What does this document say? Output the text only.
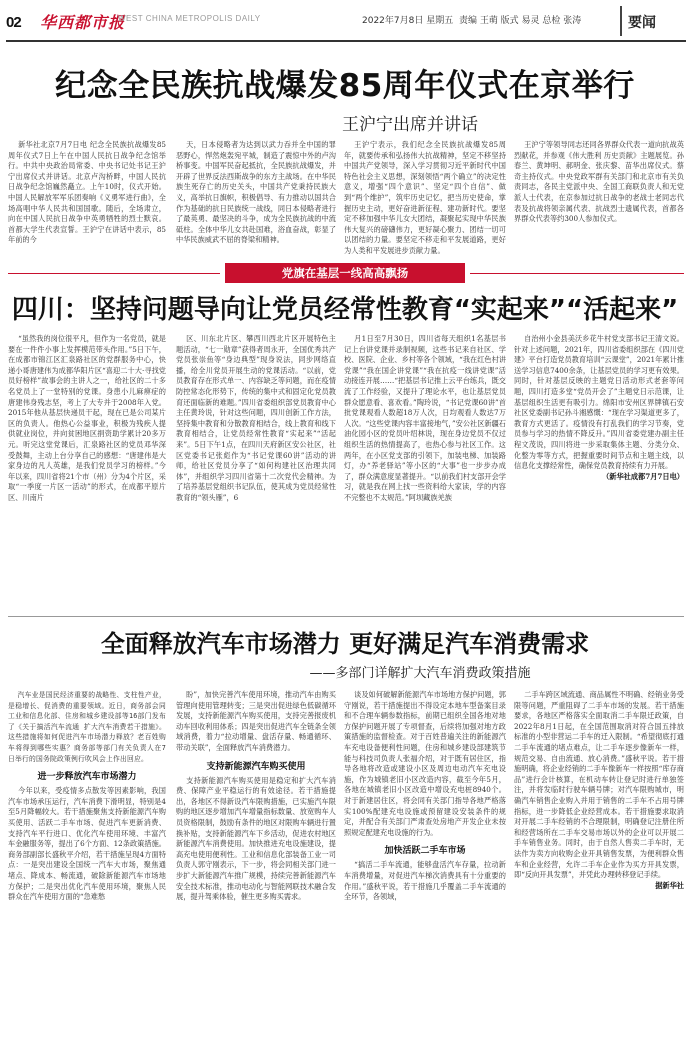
02 华西都市报
WEST CHINA METROPOLIS DAILY	2022年7月8日 星期五 责编 王萌 版式 易灵 总检 张涛	要闻
纪念全民族抗战爆发85周年仪式在京举行
王沪宁出席并讲话

新华社北京7月7日电 纪念全民族抗战爆发85周年仪式7日上午在中国人民抗日战争纪念馆举行。中共中央政治局常委、中央书记处书记王沪宁出席仪式并讲话。北京卢沟桥畔，中国人民抗日战争纪念馆巍然矗立。上午10时，仪式开始。中国人民解放军军乐团奏响《义勇军进行曲》，全场高唱中华人民共和国国歌。随后，全场肃立，向在中国人民抗日战争中英勇牺牲的烈士默哀。首都大学生代表宣誓。王沪宁在讲话中表示，85年前的今

天，日本侵略者为达到以武力吞并全中国的罪恶野心，悍然炮轰宛平城，制造了震惊中外的卢沟桥事变。中国军民奋起抵抗，全民族抗战爆发，并开辟了世界反法西斯战争的东方主战场。在中华民族生死存亡的历史关头，中国共产党秉持民族大义，高举抗日旗帜，积极倡导、有力推动以国共合作为基础的抗日民族统一战线，同日本侵略者进行了最英勇、最坚决的斗争，成为全民族抗战的中流砥柱。全体中华儿女共赴国难，浴血奋战，彰显了中华民族威武不屈的脊梁和精神。

王沪宁表示，我们纪念全民族抗战爆发85周年，就要传承和弘扬伟大抗战精神，坚定不移坚持中国共产党领导，深入学习贯彻习近平新时代中国特色社会主义思想，深刻领悟“两个确立”的决定性意义，增强“四个意识”、坚定“四个自信”、做到“两个维护”，筑牢历史记忆，把当历史使命，掌握历史主动，更好奋进新征程、建功新时代。要坚定不移加强中华儿女大团结，凝聚起实现中华民族伟大复兴的磅礴伟力，更好凝心聚力、团结一切可以团结的力量。要坚定不移走和平发展道路，更好为人类和平发展进步贡献力量。

王沪宁等领导同志还同各界群众代表一道向抗战英烈献花，并参观《伟大胜利 历史贡献》主题展览。孙春兰、黄坤明、郝明金、张庆黎、苗华出席仪式。蔡奇主持仪式。中央党政军群有关部门和北京市有关负责同志，各民主党派中央、全国工商联负责人和无党派人士代表，在京参加过抗日战争的老战士老同志代表及抗战将领亲属代表、抗战烈士遗属代表，首都各界群众代表等约300人参加仪式。

党旗在基层一线高高飘扬
四川：坚持问题导向让党员经常性教育“实起来”“活起来”

“虽然我的岗位很平凡，但作为一名党员，就是要在一件件小事上发挥模范带头作用。”5日下午，在成都市锦江区汇泉路社区的党群服务中心，快递小哥唐建伟为成都华阳片区“喜迎二十大·寻找党员好榜样”故事会的主讲人之一，给社区的二十多名党员上了一堂特别的党课。身患小儿麻痹症的唐建伟身残志坚，考上了大专并于2008年入党。2015年他从基层快递员干起，现在已是公司某片区的负责人。他热心公益事业，积极为残疾人提供就业岗位，并向贫困地区捐资助学累计20多万元。听完这堂党课后，汇泉路社区的党员邓华深受鼓舞，主动上台分享自己的感想：“唐建伟是大家身边的凡人英雄，是我们党员学习的榜样。”今年以来，四川省将21个市（州）分为4个片区，采取“一季度一片区一活动”的形式，在成都平原片区、川南片

区、川东北片区、攀西川西北片区开展特色主题活动，“七一勋章”获得者周永开，全国优秀共产党员张崇鱼等“身边典型”现身说法，同步网络直播，给全川党员开展生动的党课活动。“以前，党员教育存在形式单一、内容缺乏等问题，而在疫情防控常态化形势下，传统的集中式和固定化党员教育还面临新的难题。”四川省委组织部党员教育中心主任黄玲说，针对这些问题，四川创新工作方法，坚持集中教育和分散教育相结合，线上教育和线下教育相结合，让党员经常性教育“实起来”“活起来”。5日下午1点，在四川天府新区安公社区，社区党委书记张彪作为“书记党课60讲”活动的讲师，给社区党员分享了“如何构建社区治理共同体”，并组织学习四川省第十二次党代会精神。为了培养基层党组织书记队伍，使其成为党员经常性教育的“领头雁”，6

月1日至7月30日，四川省每天组织1名基层书记上台讲党课并录制视频，这些书记来自社区、学校、医院、企业、乡村等各个领域，“我在红色村讲党课”“我在国企讲党课”“我在抗疫一线讲党课”活动接连开展……“把基层书记推上云平台练兵，既交流了工作经验，又提升了理论水平，也让基层党员群众愿意看、喜欢看。”陶玲说，“书记党课60讲”首批党课观看人数超18万人次，日均观看人数达7万人次。“这些党课内容丰富接地气，”安公社区新疆石油化园小区的党员叶绍林说，现在身边党员不仅过组织生活的热情提高了，也热心参与社区工作。这两年，在小区党支部的引领下，加装电梯、加装路灯，办“养老驿站”等小区的“大事”也一步步办成了，群众满意度显著提升。“以前我们村支部开会学习，就是我在网上找一些资料给大家读，学的内容不完整也不太规范。”阿坝藏族羌族

自治州小金县美沃乡花牛村党支部书记王清文说。针对上述问题，2021年，四川省委组织部在《四川党建》平台打造党员教育培训“云课堂”，2021年累计推送学习信息7400余条，让基层党员的学习更有效果。同时，针对基层反映的主题党日活动形式老套等问题，四川打造多堂“党员开会了”主题党日示范课，让基层组织生活更有吸引力。绵阳市安州区界牌镇石安社区党委副书记孙斗湘感慨：“现在学习渠道更多了，教育方式更活了。疫情没有打乱我们的学习节奏，党员参与学习的热情不降反升。”四川省委党建办副主任程文茂说，四川将进一步采取集体主题、分类分众、化整为零等方式，把握重要时间节点和主题主线，以信息化支撑经常性，确保党员教育持续有力开展。

（新华社成都7月7日电）
全面释放汽车市场潜力 更好满足汽车消费需求
——多部门详解扩大汽车消费政策措施

汽车业是国民经济重要的战略性、支柱性产业，是稳增长、促消费的重要领域。近日，商务部会同工业和信息化部、住房和城乡建设部等16部门发布了《关于搞活汽车流通 扩大汽车消费若干措施》。这些措施将如何促进汽车市场潜力释放？老百姓购车将得到哪些实惠？商务部等部门有关负责人在7日举行的国务院政策例行吹风会上作出回应。

进一步释放汽车市场潜力

今年以来，受疫情多点散发等因素影响，我国汽车市场承压运行，汽车消费下滑明显，特别是4至5月降幅较大。若干措施聚焦支持新能源汽车购买使用、活跃二手车市场、促进汽车更新消费、支持汽车平行进口、优化汽车使用环境、丰富汽车金融服务等，提出了6个方面、12条政策措施。商务部副部长盛秋平介绍，若干措施呈现4方面特点：一是突出建设全国统一汽车大市场，聚焦通堵点、降成本、畅流通，破除新能源汽车市场地方保护；二是突出优化汽车使用环境，聚焦人民群众在汽车使用方面的“急难愁

盼”，加快完善汽车使用环境，推动汽车由购买管理向使用管理转变；三是突出促进绿色低碳循环发展，支持新能源汽车购买使用，支持完善报废机动车回收利用体系；四是突出促进汽车全链条全领域消费，着力“拉动增量、盘活存量、畅通循环、带动关联”，全面释放汽车消费潜力。

支持新能源汽车购买使用

支持新能源汽车购买使用是稳定和扩大汽车消费、保障产业平稳运行的有效途径。若干措施提出，各地区不得新设汽车限购措施，已实施汽车限购的地区逐步增加汽车增量指标数量、放宽购车人员资格限制，鼓励有条件的地区对限购车辆进行置换补贴，支持新能源汽车下乡活动，促进农村地区新能源汽车消费使用。加快推进充电设施建设，提高充电使用便利性。工业和信息化部装备工业一司负责人郭守刚表示，下一步，将会同相关部门进一步扩大新能源汽车推广规模，持续完善新能源汽车安全技术标准，推动电动化与智能网联技术融合发展，提升驾乘体验，催生更多购买需求。

谈及如何破解新能源汽车市场地方保护问题，郭守刚说，若干措施提出不得设定本地车型备案目录和不合理车辆参数指标，前期已组织全国各地对地方保护问题开展了专项督查，后续将加强对地方政策措施的监督检查。对于百姓普遍关注的新能源汽车充电设备便利性问题，住房和城乡建设部建筑节能与科技司负责人张福介绍，对于既有居住区，指导各地将改造或建设小区及周边电动汽车充电设施，作为城镇老旧小区改造内容，截至今年5月，各地在城镇老旧小区改造中增设充电桩8940个。对于新建居住区，将会同有关部门指导各地严格落实100%配建充电设施或预留建设安装条件的规定，并配合有关部门严肃查处房地产开发企业未按照规定配建充电设施的行为。

加快活跃二手车市场

“搞活二手车流通，能够盘活汽车存量，拉动新车消费增量，对促进汽车梯次消费具有十分重要的作用。”盛秋平说，若干措施几乎覆盖二手车流通的全环节，各领域，

二手车跨区域流通、商品属性不明确、经销业务受限等问题，严重阻碍了二手车市场的发展。若干措施要求，各地区严格落实全面取消二手车限迁政策，自2022年8月1日起，在全国范围取消对符合国五排放标准的小型非营运二手车的迁入限制。“希望彻底打通二手车流通的堵点难点，让二手车逐步像新车一样，规范交易、自由流通、放心消费。”盛秋平说。若干措施明确，将企业经销的二手车像新车一样按照“库存商品”进行会计核算，在机动车转让登记时进行单独签注，并将发临时行驶车辆号牌；对汽车限购城市，明确汽车销售企业购入并用于销售的二手车不占用号牌指标，进一步降低企业经营成本。若干措施要求取消对开展二手车经销的不合理限制，明确登记注册住所和经营场所在二手车交易市场以外的企业可以开展二手车销售业务。同时，由于自然人售卖二手车时，无法作为卖方向收购企业开具销售发票，为便利群众售车和企业经营，允许二手车企业作为买方开具发票，即“反向开具发票”，并凭此办理转移登记手续。

据新华社
